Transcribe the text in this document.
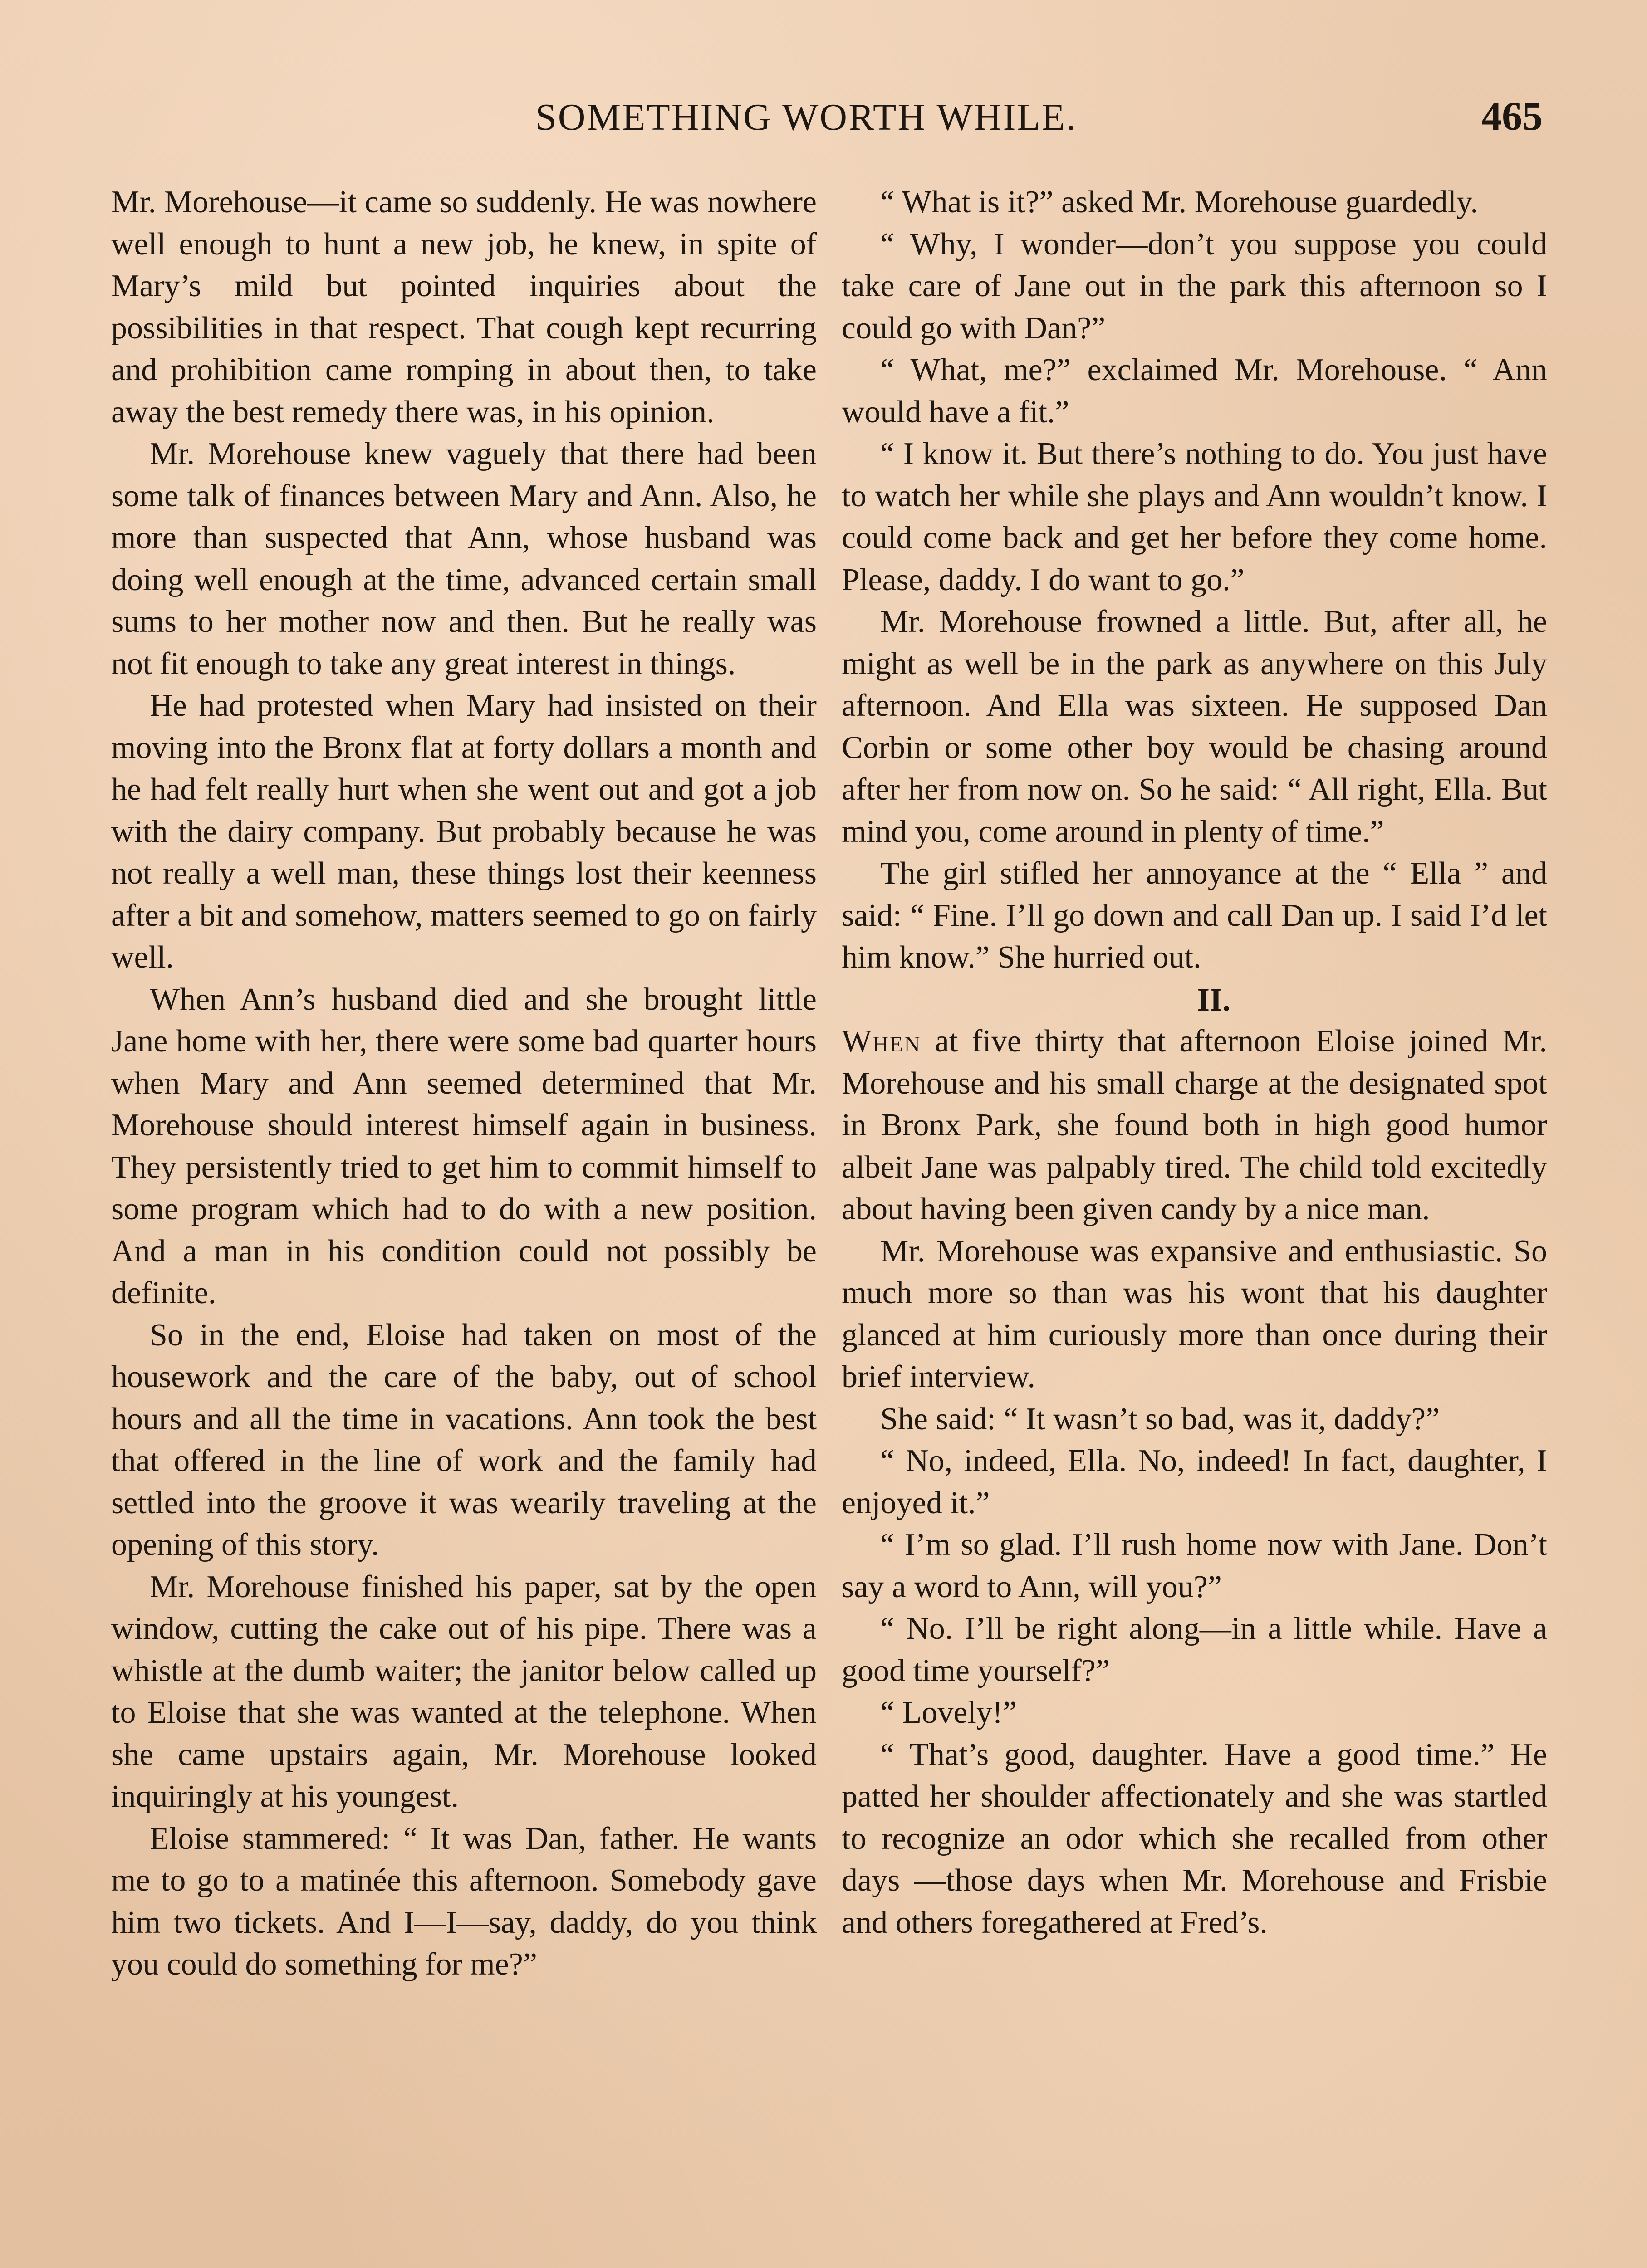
SOMETHING WORTH WHILE.	465

Mr. Morehouse—it came so suddenly. He was nowhere well enough to hunt a new job, he knew, in spite of Mary’s mild but pointed inquiries about the possibilities in that respect. That cough kept recurring and prohibition came romping in about then, to take away the best remedy there was, in his opinion.

Mr. Morehouse knew vaguely that there had been some talk of finances between Mary and Ann. Also, he more than suspected that Ann, whose husband was doing well enough at the time, advanced certain small sums to her mother now and then. But he really was not fit enough to take any great interest in things.

He had protested when Mary had insisted on their moving into the Bronx flat at forty dollars a month and he had felt really hurt when she went out and got a job with the dairy company. But probably because he was not really a well man, these things lost their keenness after a bit and somehow, matters seemed to go on fairly well.

When Ann’s husband died and she brought little Jane home with her, there were some bad quarter hours when Mary and Ann seemed determined that Mr. Morehouse should interest himself again in business. They persistently tried to get him to commit himself to some program which had to do with a new position. And a man in his condition could not possibly be definite.

So in the end, Eloise had taken on most of the housework and the care of the baby, out of school hours and all the time in vacations. Ann took the best that offered in the line of work and the family had settled into the groove it was wearily traveling at the opening of this story.

Mr. Morehouse finished his paper, sat by the open window, cutting the cake out of his pipe. There was a whistle at the dumb waiter; the janitor below called up to Eloise that she was wanted at the telephone. When she came upstairs again, Mr. Morehouse looked inquiringly at his youngest.

Eloise stammered: “ It was Dan, father. He wants me to go to a matinée this afternoon. Somebody gave him two tickets. And I—I—say, daddy, do you think you could do something for me?”

“ What is it?” asked Mr. Morehouse guardedly.

“ Why, I wonder—don’t you suppose you could take care of Jane out in the park this afternoon so I could go with Dan?”

“ What, me?” exclaimed Mr. Morehouse. “ Ann would have a fit.”

“ I know it. But there’s nothing to do. You just have to watch her while she plays and Ann wouldn’t know. I could come back and get her before they come home. Please, daddy. I do want to go.”

Mr. Morehouse frowned a little. But, after all, he might as well be in the park as anywhere on this July afternoon. And Ella was sixteen. He supposed Dan Corbin or some other boy would be chasing around after her from now on. So he said: “ All right, Ella. But mind you, come around in plenty of time.”

The girl stifled her annoyance at the “ Ella ” and said: “ Fine. I’ll go down and call Dan up. I said I’d let him know.” She hurried out.

II.

When at five thirty that afternoon Eloise joined Mr. Morehouse and his small charge at the designated spot in Bronx Park, she found both in high good humor albeit Jane was palpably tired. The child told excitedly about having been given candy by a nice man.

Mr. Morehouse was expansive and enthusiastic. So much more so than was his wont that his daughter glanced at him curiously more than once during their brief interview.

She said: “ It wasn’t so bad, was it, daddy?”

“ No, indeed, Ella. No, indeed! In fact, daughter, I enjoyed it.”

“ I’m so glad. I’ll rush home now with Jane. Don’t say a word to Ann, will you?”

“ No. I’ll be right along—in a little while. Have a good time yourself?”

“ Lovely!”

“ That’s good, daughter. Have a good time.” He patted her shoulder affectionately and she was startled to recognize an odor which she recalled from other days —those days when Mr. Morehouse and Frisbie and others foregathered at Fred’s.
